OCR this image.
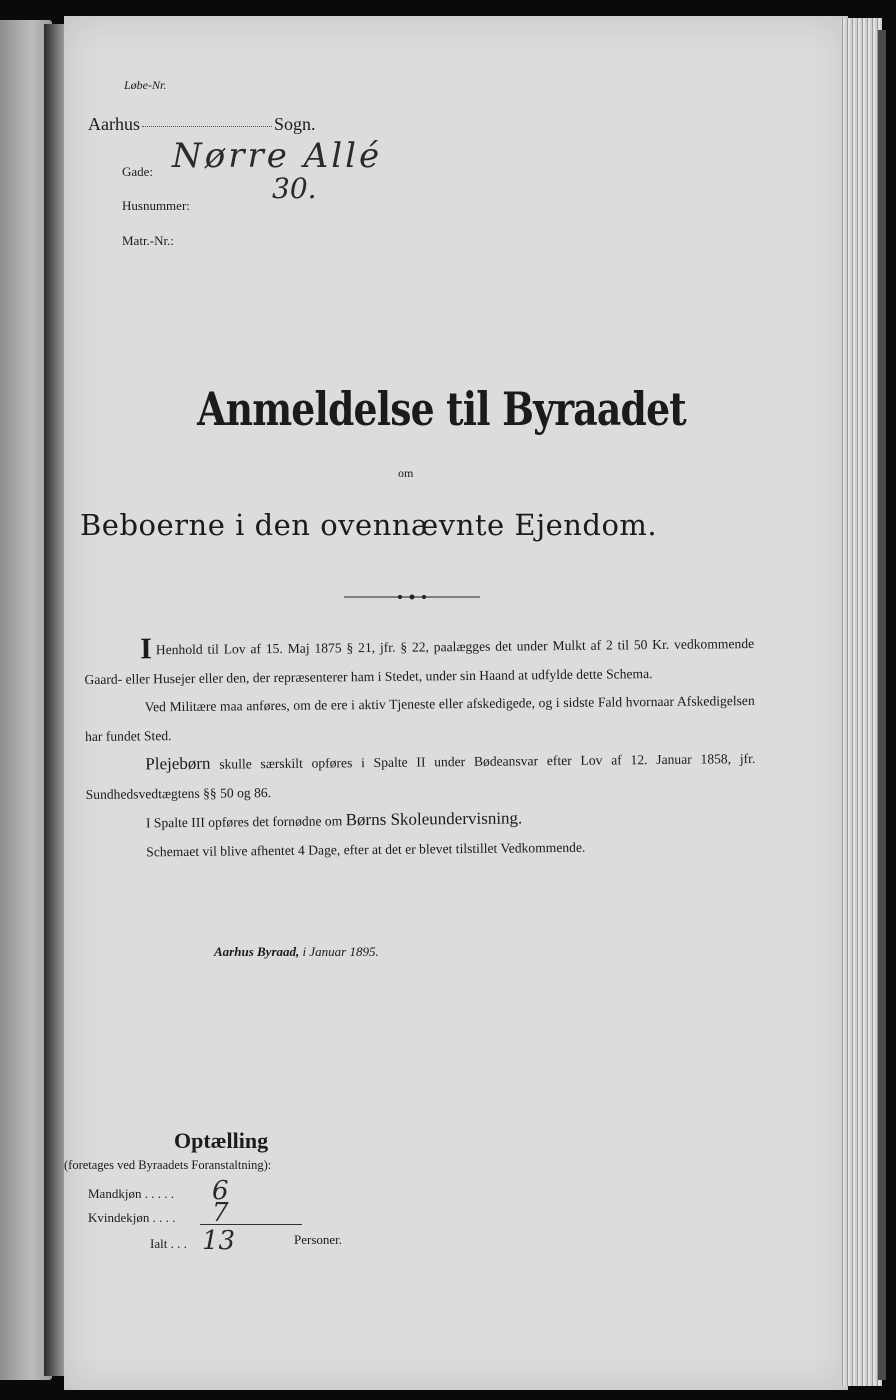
Løbe-Nr.
Aarhus	Sogn.
Gade: Nørre Allé
Husnummer:
30.
Matr.-Nr.:
Anmeldelse til Byraadet
om
Beboerne i den ovennævnte Ejendom.

I Henhold til Lov af 15. Maj 1875 § 21, jfr. § 22, paalægges det under Mulkt af 2 til 50 Kr. vedkommende Gaard- eller Husejer eller den, der repræsenterer ham i Stedet, under sin Haand at udfylde dette Schema.

Ved Militære maa anføres, om de ere i aktiv Tjeneste eller afskedigede, og i sidste Fald hvornaar Afskedigelsen har fundet Sted.

Plejebørn skulle særskilt opføres i Spalte II under Bødeansvar efter Lov af 12. Januar 1858, jfr. Sundhedsvedtægtens §§ 50 og 86.

I Spalte III opføres det fornødne om Børns Skoleundervisning.

Schemaet vil blive afhentet 4 Dage, efter at det er blevet tilstillet Vedkommende.

Aarhus Byraad, i Januar 1895.
Optælling
(foretages ved Byraadets Foranstaltning):
Mandkjøn . . . . . 6
Kvindekjøn . . . . 7
Ialt . . . 13	Personer.
